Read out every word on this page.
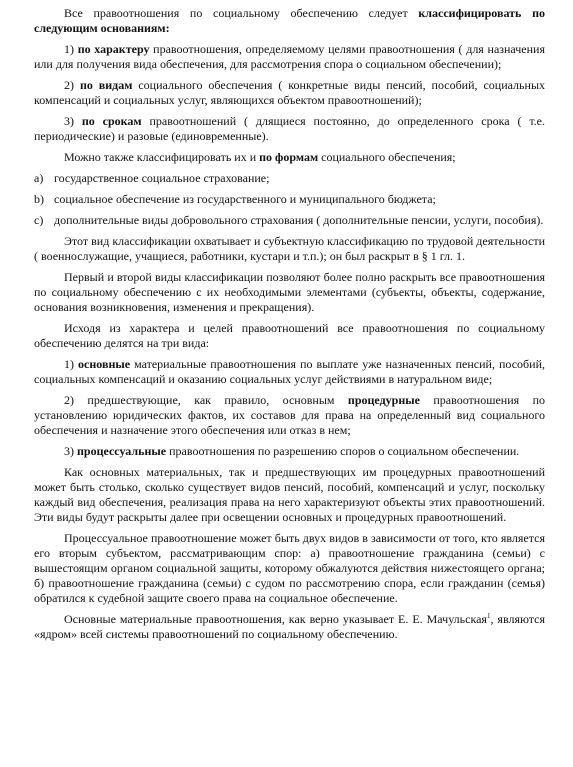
Все правоотношения по социальному обеспечению следует классифицировать по следующим основаниям:

1) по характеру правоотношения, определяемому целями правоотношения ( для назначения или для получения вида обеспечения, для рассмотрения спора о социальном обеспечении);

2) по видам социального обеспечения ( конкретные виды пенсий, пособий, социальных компенсаций и социальных услуг, являющихся объектом правоотношений);

3) по срокам правоотношений ( длящиеся постоянно, до определенного срока ( т.е. периодические) и разовые (единовременные).

Можно также классифицировать их и по формам социального обеспечения;

a) государственное социальное страхование;

b) социальное обеспечение из государственного и муниципального бюджета;

c) дополнительные виды добровольного страхования ( дополнительные пенсии, услуги, пособия).

Этот вид классификации охватывает и субъектную классификацию по трудовой деятельности ( военнослужащие, учащиеся, работники, кустари и т.п.); он был раскрыт в § 1 гл. 1.

Первый и второй виды классификации позволяют более полно раскрыть все правоотношения по социальному обеспечению с их необходимыми элементами (субъекты, объекты, содержание, основания возникновения, изменения и прекращения).

Исходя из характера и целей правоотношений все правоотношения по социальному обеспечению делятся на три вида:

1) основные материальные правоотношения по выплате уже назначенных пенсий, пособий, социальных компенсаций и оказанию социальных услуг действиями в натуральном виде;

2) предшествующие, как правило, основным процедурные правоотношения по установлению юридических фактов, их составов для права на определенный вид социального обеспечения и назначение этого обеспечения или отказ в нем;

3) процессуальные правоотношения по разрешению споров о социальном обеспечении.

Как основных материальных, так и предшествующих им процедурных правоотношений может быть столько, сколько существует видов пенсий, пособий, компенсаций и услуг, поскольку каждый вид обеспечения, реализация права на него характеризуют объекты этих правоотношений. Эти виды будут раскрыты далее при освещении основных и процедурных правоотношений.

Процессуальное правоотношение может быть двух видов в зависимости от того, кто является его вторым субъектом, рассматривающим спор: а) правоотношение гражданина (семьи) с вышестоящим органом социальной защиты, которому обжалуются действия нижестоящего органа; б) правоотношение гражданина (семьи) с судом по рассмотрению спора, если гражданин (семья) обратился к судебной защите своего права на социальное обеспечение.

Основные материальные правоотношения, как верно указывает Е. Е. Мачульская$^1$, являются «ядром» всей системы правоотношений по социальному обеспечению.
